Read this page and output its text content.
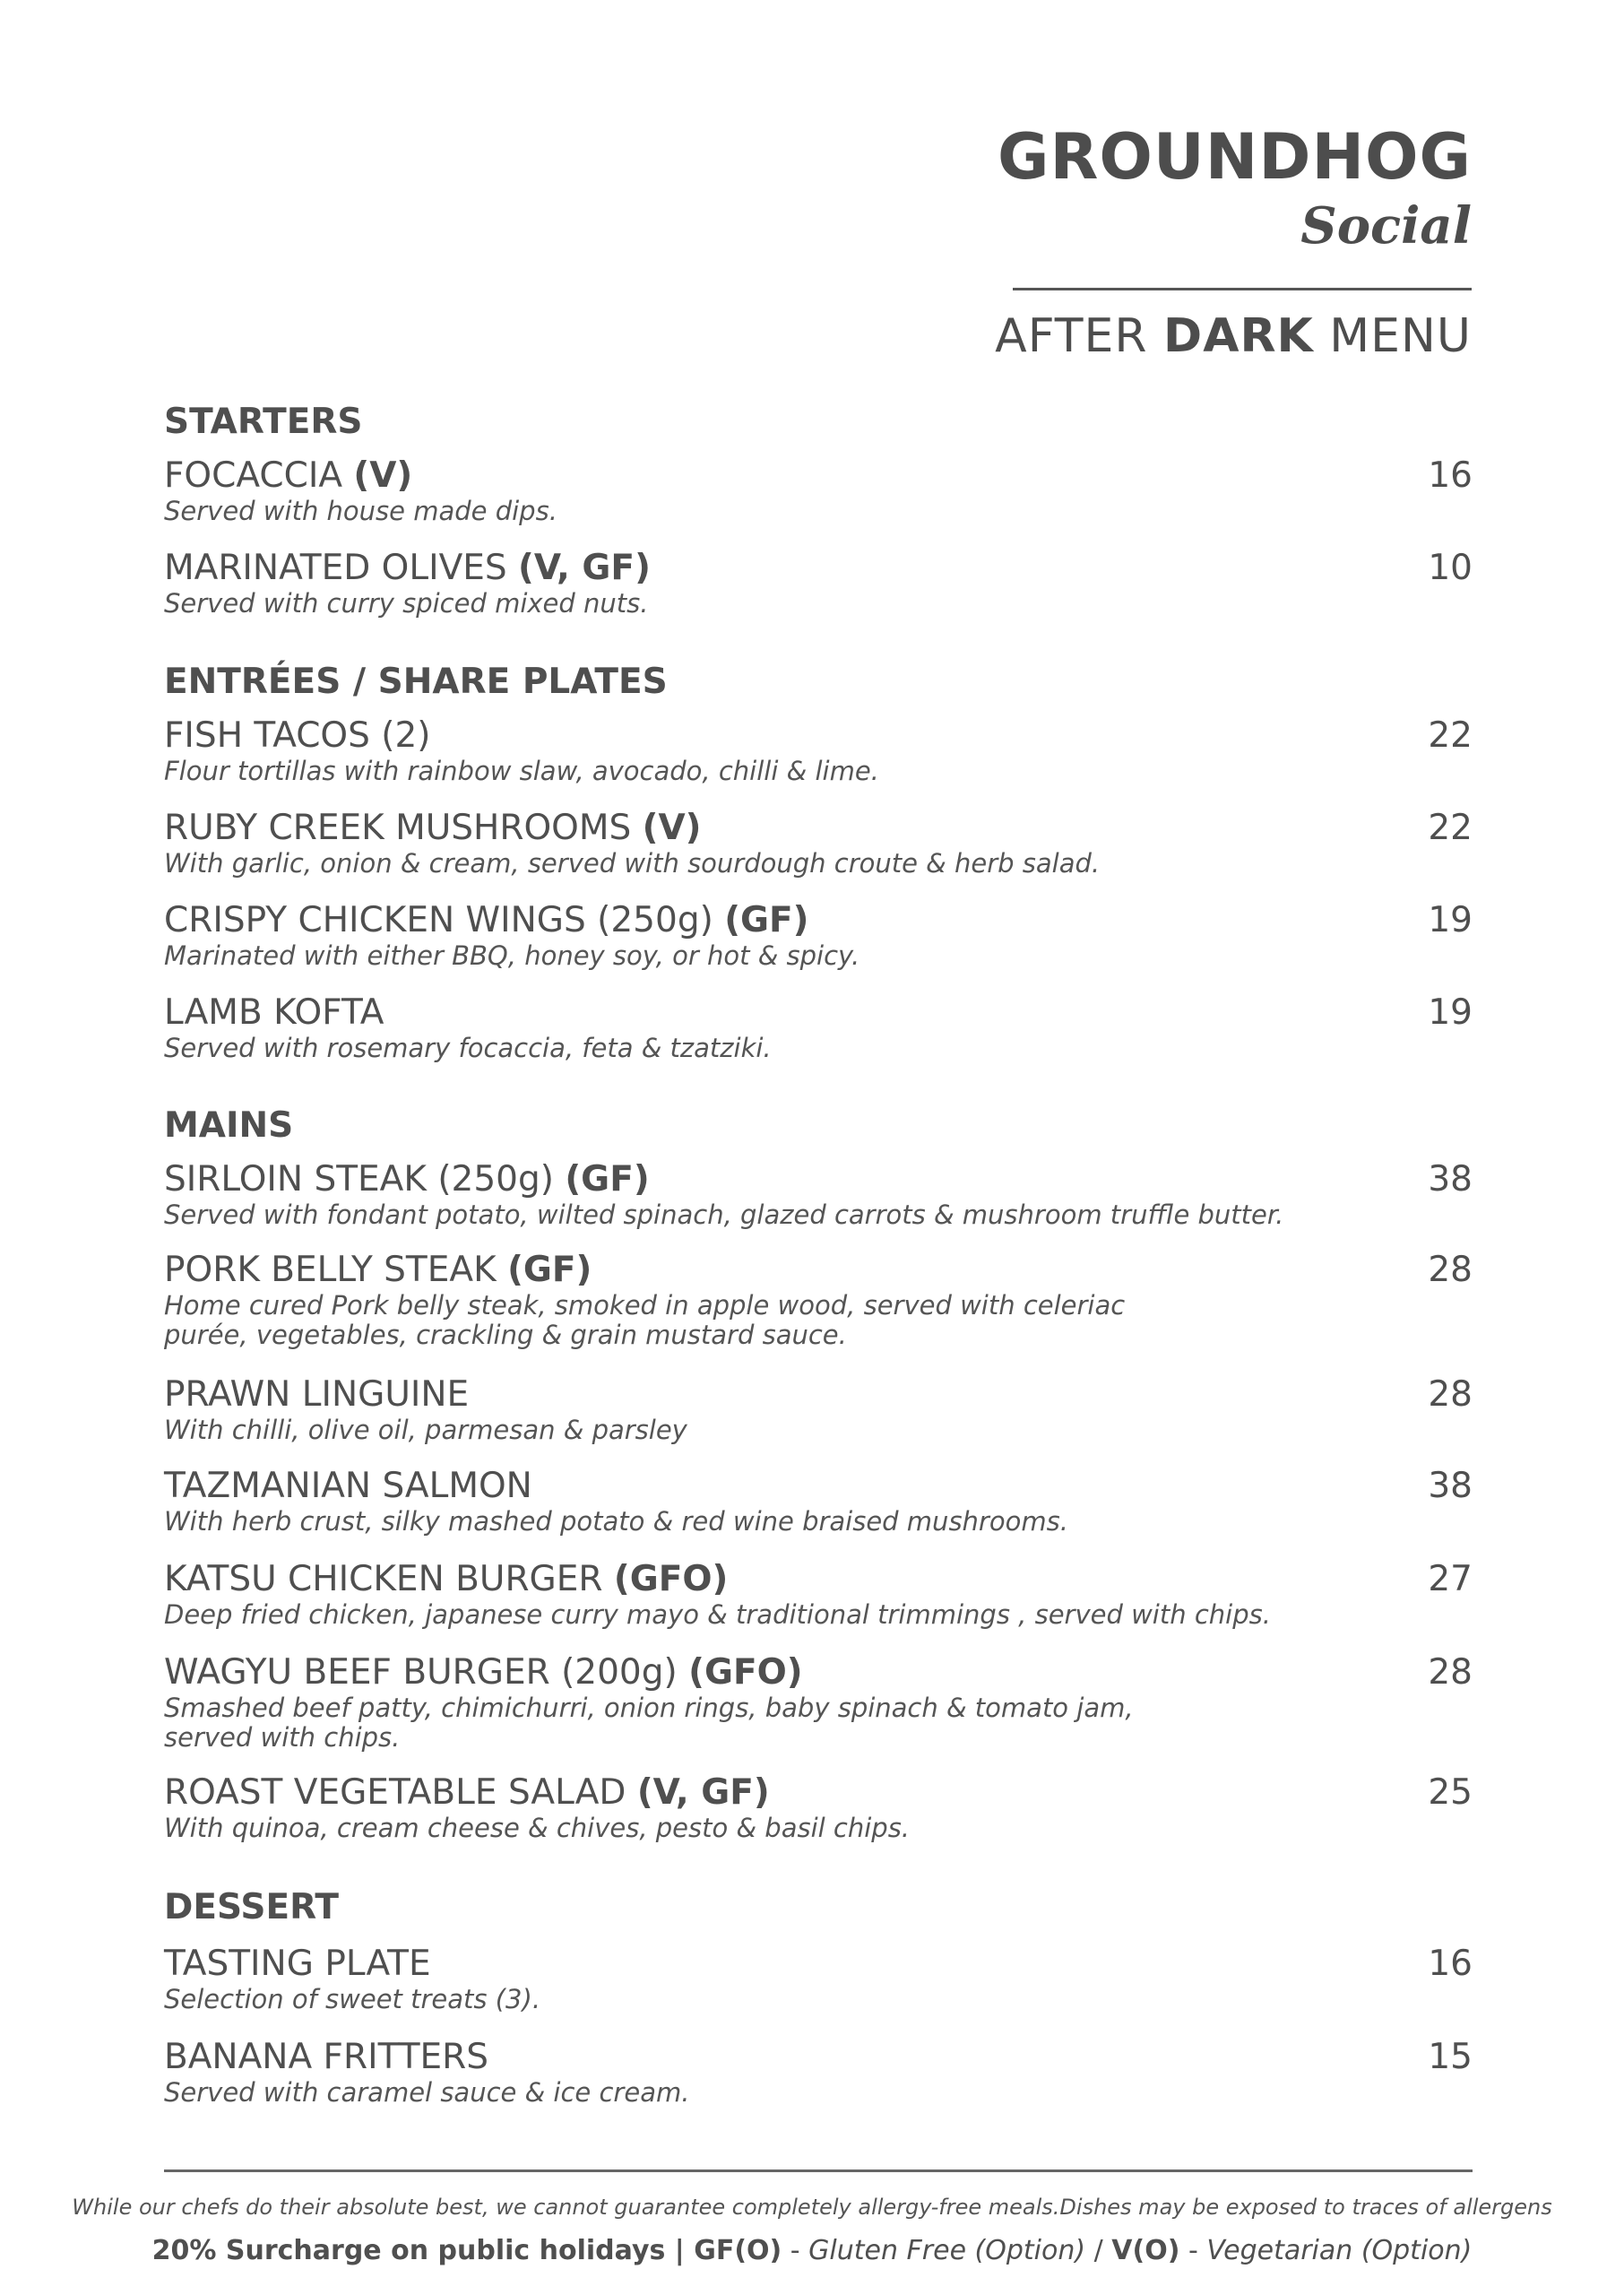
GROUNDHOG
Social
AFTER DARK MENU
STARTERS
FOCACCIA (V)	16
Served with house made dips.
MARINATED OLIVES (V, GF)	10
Served with curry spiced mixed nuts.
ENTRÉES / SHARE PLATES
FISH TACOS (2)	22
Flour tortillas with rainbow slaw, avocado, chilli & lime.
RUBY CREEK MUSHROOMS (V)	22
With garlic, onion & cream, served with sourdough croute & herb salad.
CRISPY CHICKEN WINGS (250g) (GF)	19
Marinated with either BBQ, honey soy, or hot & spicy.
LAMB KOFTA	19
Served with rosemary focaccia, feta & tzatziki.
MAINS
SIRLOIN STEAK (250g) (GF)	38
Served with fondant potato, wilted spinach, glazed carrots & mushroom truffle butter.
PORK BELLY STEAK (GF)	28
Home cured Pork belly steak, smoked in apple wood, served with celeriac
purée, vegetables, crackling & grain mustard sauce.
PRAWN LINGUINE	28
With chilli, olive oil, parmesan & parsley
TAZMANIAN SALMON	38
With herb crust, silky mashed potato & red wine braised mushrooms.
KATSU CHICKEN BURGER (GFO)	27
Deep fried chicken, japanese curry mayo & traditional trimmings , served with chips.
WAGYU BEEF BURGER (200g) (GFO)	28
Smashed beef patty, chimichurri, onion rings, baby spinach & tomato jam,
served with chips.
ROAST VEGETABLE SALAD (V, GF)	25
With quinoa, cream cheese & chives, pesto & basil chips.
DESSERT
TASTING PLATE	16
Selection of sweet treats (3).
BANANA FRITTERS	15
Served with caramel sauce & ice cream.
While our chefs do their absolute best, we cannot guarantee completely allergy-free meals.Dishes may be exposed to traces of allergens
20% Surcharge on public holidays | GF(O) - Gluten Free (Option) / V(O) - Vegetarian (Option)
